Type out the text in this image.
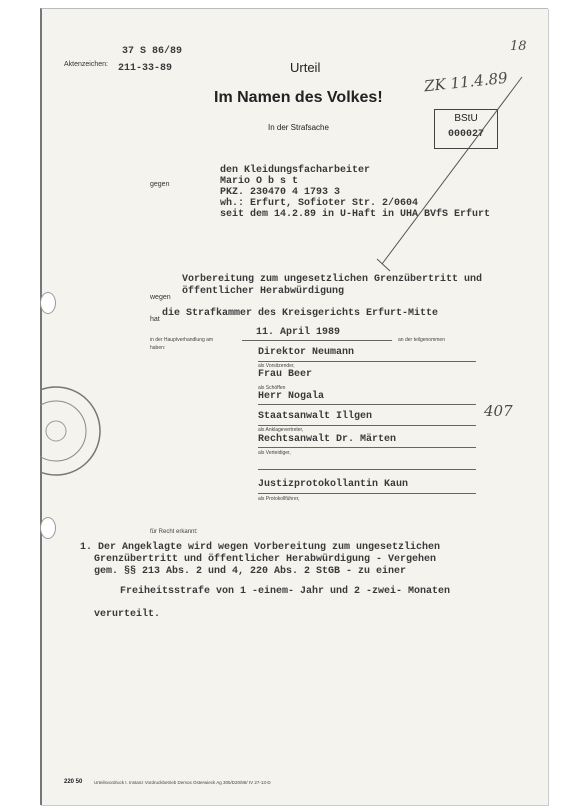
Aktenzeichen:
37 S 86/89
211-33-89	Urteil
Im Namen des Volkes!
In der Strafsache
18
ZK 11.4.89
407
BStU
000027
gegen
den Kleidungsfacharbeiter
Mario O b s t
PKZ. 230470 4 1793 3
wh.: Erfurt, Sofioter Str. 2/0604
seit dem 14.2.89 in U-Haft in UHA BVfS Erfurt
wegen
Vorbereitung zum ungesetzlichen Grenzübertritt und
öffentlicher Herabwürdigung
hat
die Strafkammer des Kreisgerichts Erfurt-Mitte
11. April 1989
in der Hauptverhandlung am	an der teilgenommen
haben:	Direktor Neumann
als Vorsitzender,
Frau Beer
als Schöffen
Herr Nogala
Staatsanwalt Illgen
als Anklagevertreter,
Rechtsanwalt Dr. Märten
als Verteidiger,
Justizprotokollantin Kaun
als Protokollführer,
für Recht erkannt:
1. Der Angeklagte wird wegen Vorbereitung zum ungesetzlichen
Grenzübertritt und öffentlicher Herabwürdigung - Vergehen
gem. §§ 213 Abs. 2 und 4, 220 Abs. 2 StGB - zu einer
Freiheitsstrafe von 1 -einem- Jahr und 2 -zwei- Monaten
verurteilt.
220 50	Urteilsvordruck I. Instanz Vordruckbetrieb Demos Osterwieck Ag 305/D20/88/ IV 27-13-D
